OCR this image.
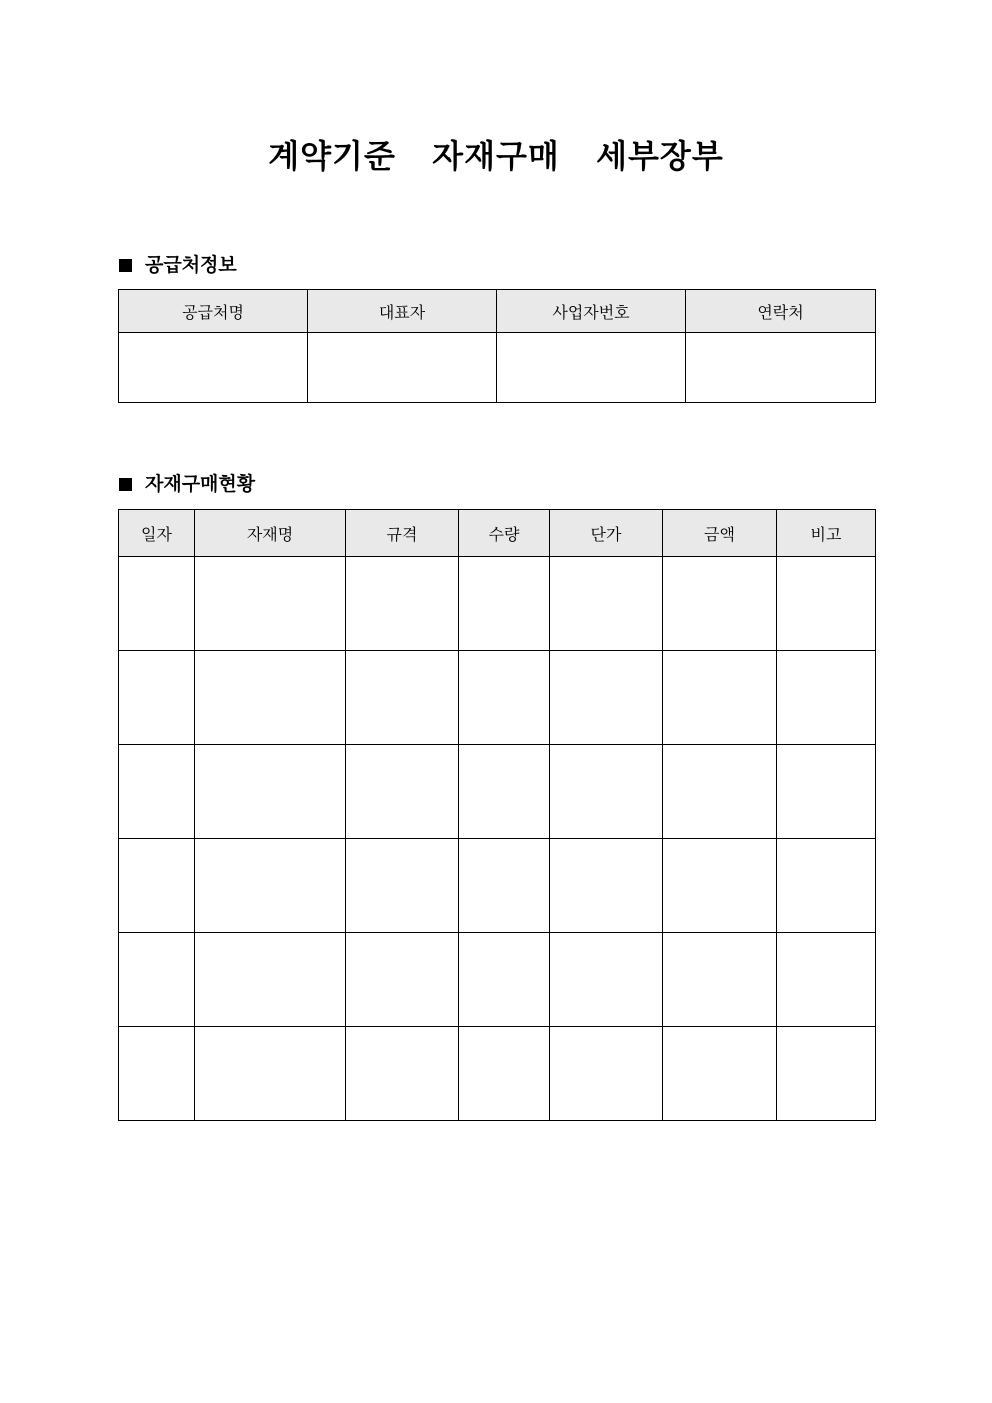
계약기준  자재구매  세부장부
공급처정보
공급처명	대표자	사업자번호	연락처

자재구매현황
일자	자재명	규격	수량	단가	금액	비고
